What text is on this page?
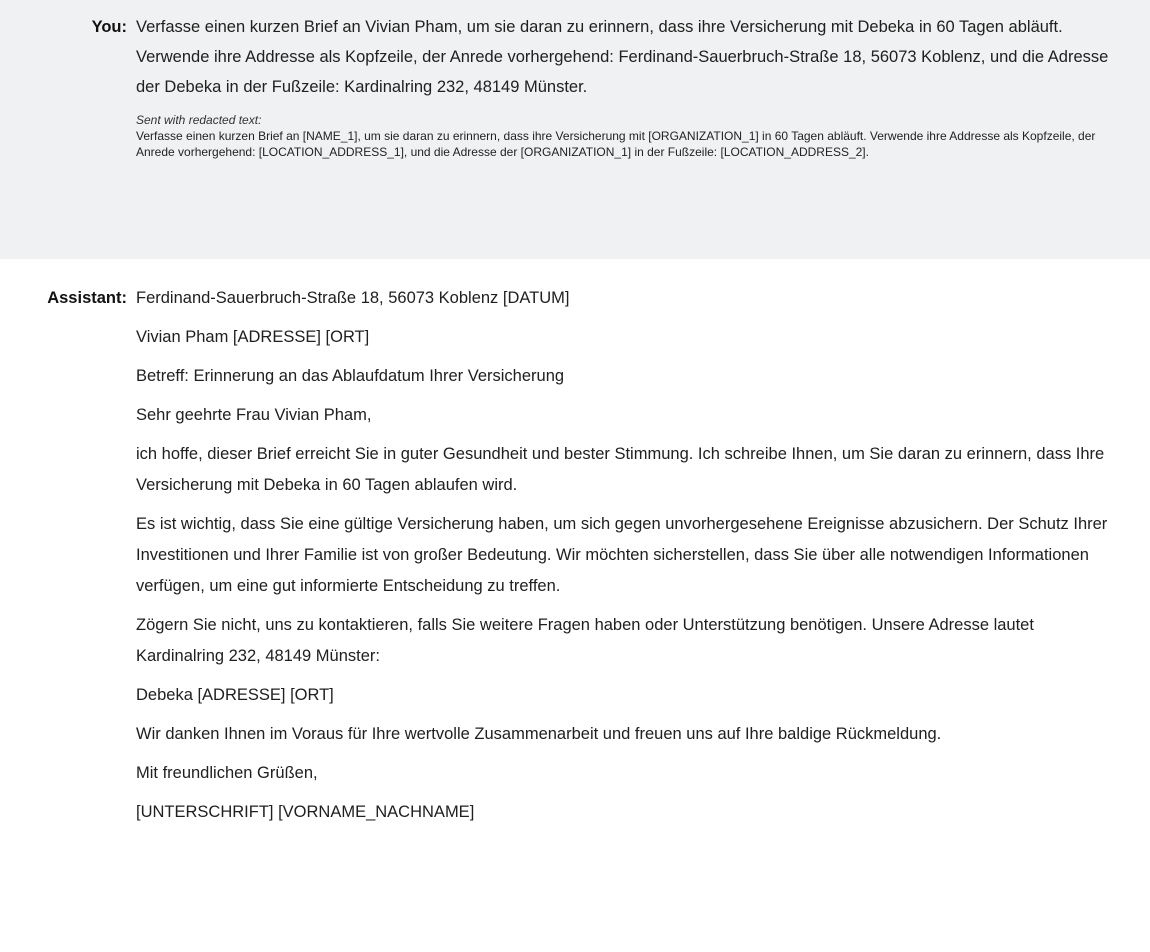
You: Verfasse einen kurzen Brief an Vivian Pham, um sie daran zu erinnern, dass ihre Versicherung mit Debeka in 60 Tagen abläuft. Verwende ihre Addresse als Kopfzeile, der Anrede vorhergehend: Ferdinand-Sauerbruch-Straße 18, 56073 Koblenz, und die Adresse der Debeka in der Fußzeile: Kardinalring 232, 48149 Münster.

Sent with redacted text:
Verfasse einen kurzen Brief an [NAME_1], um sie daran zu erinnern, dass ihre Versicherung mit [ORGANIZATION_1] in 60 Tagen abläuft. Verwende ihre Addresse als Kopfzeile, der Anrede vorhergehend: [LOCATION_ADDRESS_1], und die Adresse der [ORGANIZATION_1] in der Fußzeile: [LOCATION_ADDRESS_2].
Assistant: Ferdinand-Sauerbruch-Straße 18, 56073 Koblenz [DATUM]

Vivian Pham [ADRESSE] [ORT]

Betreff: Erinnerung an das Ablaufdatum Ihrer Versicherung

Sehr geehrte Frau Vivian Pham,

ich hoffe, dieser Brief erreicht Sie in guter Gesundheit und bester Stimmung. Ich schreibe Ihnen, um Sie daran zu erinnern, dass Ihre Versicherung mit Debeka in 60 Tagen ablaufen wird.

Es ist wichtig, dass Sie eine gültige Versicherung haben, um sich gegen unvorhergesehene Ereignisse abzusichern. Der Schutz Ihrer Investitionen und Ihrer Familie ist von großer Bedeutung. Wir möchten sicherstellen, dass Sie über alle notwendigen Informationen verfügen, um eine gut informierte Entscheidung zu treffen.

Zögern Sie nicht, uns zu kontaktieren, falls Sie weitere Fragen haben oder Unterstützung benötigen. Unsere Adresse lautet Kardinalring 232, 48149 Münster:

Debeka [ADRESSE] [ORT]

Wir danken Ihnen im Voraus für Ihre wertvolle Zusammenarbeit und freuen uns auf Ihre baldige Rückmeldung.

Mit freundlichen Grüßen,

[UNTERSCHRIFT] [VORNAME_NACHNAME]
